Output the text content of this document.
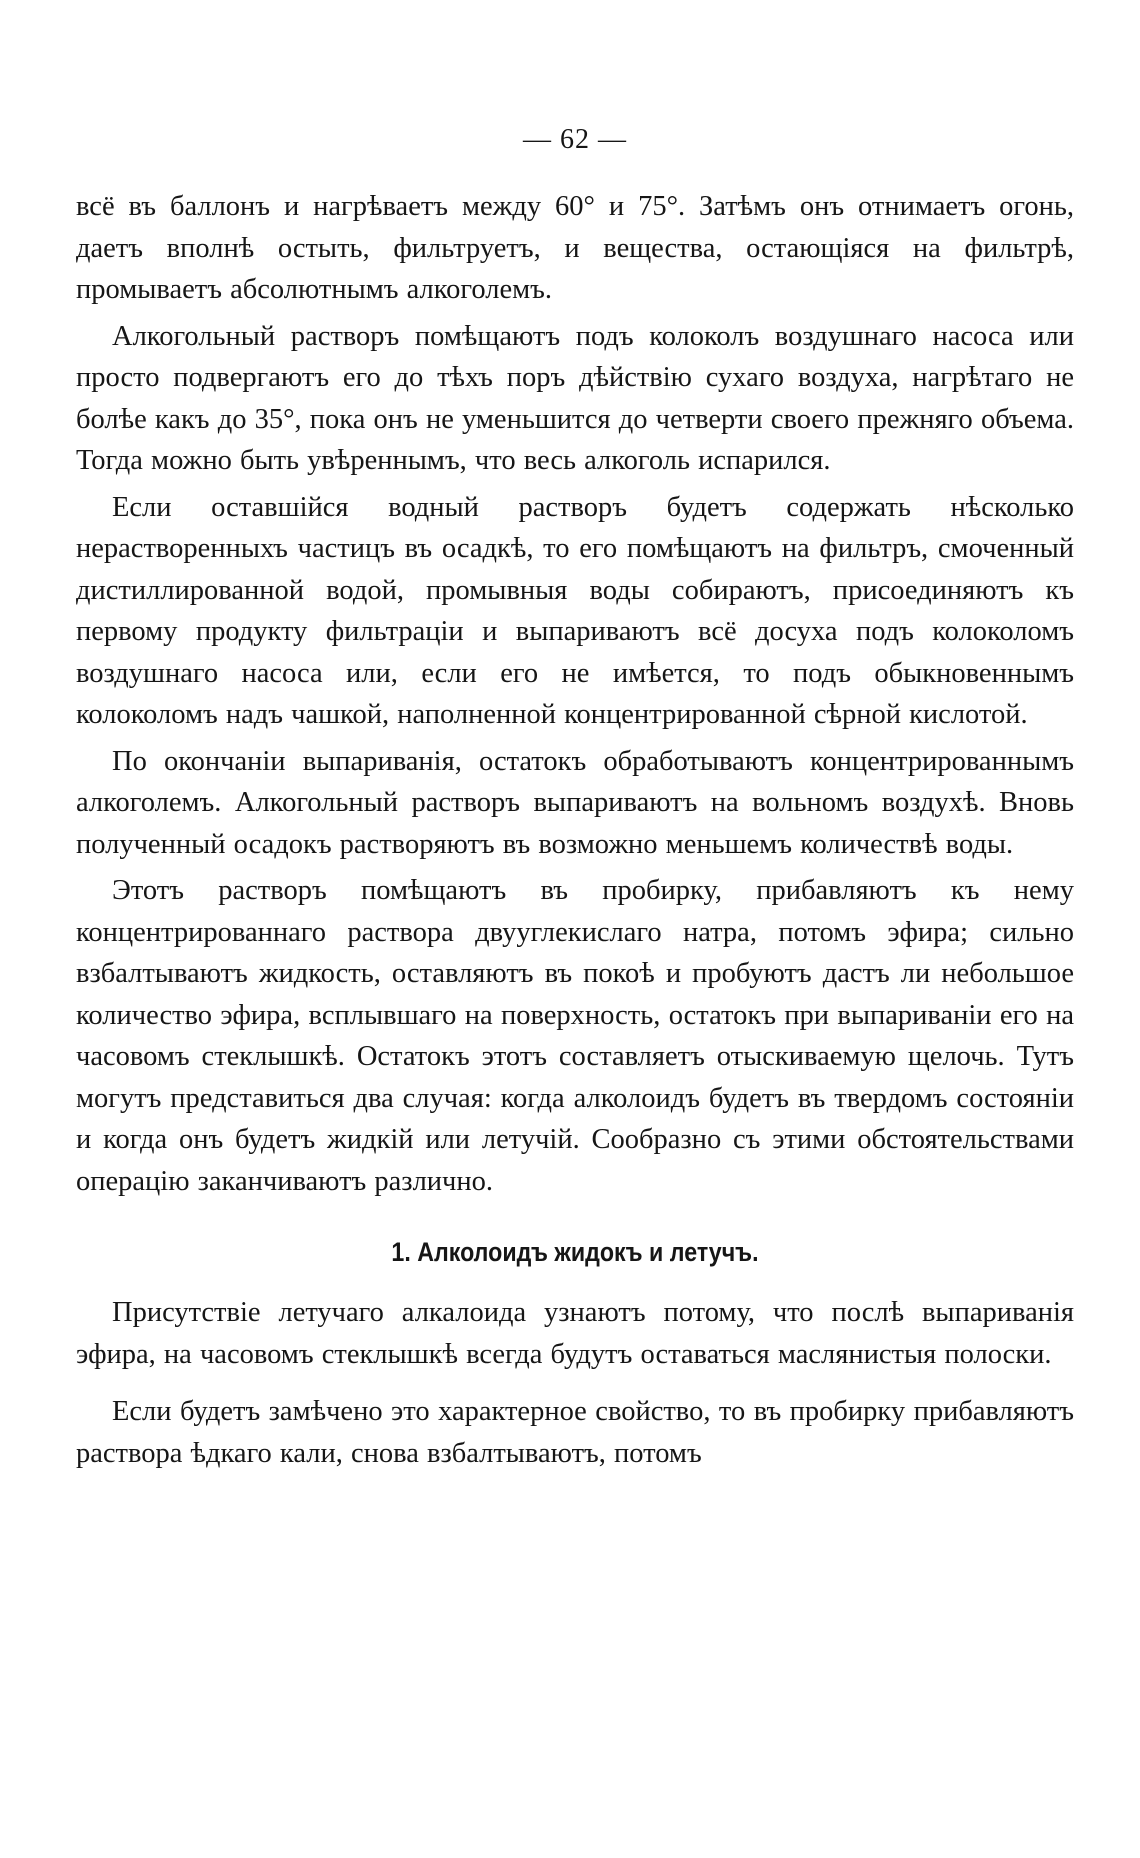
— 62 —

всё въ баллонъ и нагрѣваетъ между 60° и 75°. Затѣмъ онъ отнимаетъ огонь, даетъ вполнѣ остыть, фильтруетъ, и вещества, остающіяся на фильтрѣ, промываетъ абсолютнымъ алкоголемъ.

Алкогольный растворъ помѣщаютъ подъ колоколъ воздушнаго насоса или просто подвергаютъ его до тѣхъ поръ дѣйствію сухаго воздуха, нагрѣтаго не болѣе какъ до 35°, пока онъ не уменьшится до четверти своего прежняго объема. Тогда можно быть увѣреннымъ, что весь алкоголь испарился.

Если оставшійся водный растворъ будетъ содержать нѣсколько нерастворенныхъ частицъ въ осадкѣ, то его помѣщаютъ на фильтръ, смоченный дистиллированной водой, промывныя воды собираютъ, присоединяютъ къ первому продукту фильтраціи и выпариваютъ всё досуха подъ колоколомъ воздушнаго насоса или, если его не имѣется, то подъ обыкновеннымъ колоколомъ надъ чашкой, наполненной концентрированной сѣрной кислотой.

По окончаніи выпариванія, остатокъ обработываютъ концентрированнымъ алкоголемъ. Алкогольный растворъ выпариваютъ на вольномъ воздухѣ. Вновь полученный осадокъ растворяютъ въ возможно меньшемъ количествѣ воды.

Этотъ растворъ помѣщаютъ въ пробирку, прибавляютъ къ нему концентрированнаго раствора двууглекислаго натра, потомъ эфира; сильно взбалтываютъ жидкость, оставляютъ въ покоѣ и пробуютъ дастъ ли небольшое количество эфира, всплывшаго на поверхность, остатокъ при выпариваніи его на часовомъ стеклышкѣ. Остатокъ этотъ составляетъ отыскиваемую щелочь. Тутъ могутъ представиться два случая: когда алколоидъ будетъ въ твердомъ состояніи и когда онъ будетъ жидкій или летучій. Сообразно съ этими обстоятельствами операцію заканчиваютъ различно.

1. Алколоидъ жидокъ и летучъ.

Присутствіе летучаго алкалоида узнаютъ потому, что послѣ выпариванія эфира, на часовомъ стеклышкѣ всегда будутъ оставаться маслянистыя полоски.

Если будетъ замѣчено это характерное свойство, то въ пробирку прибавляютъ раствора ѣдкаго кали, снова взбалтываютъ, потомъ
